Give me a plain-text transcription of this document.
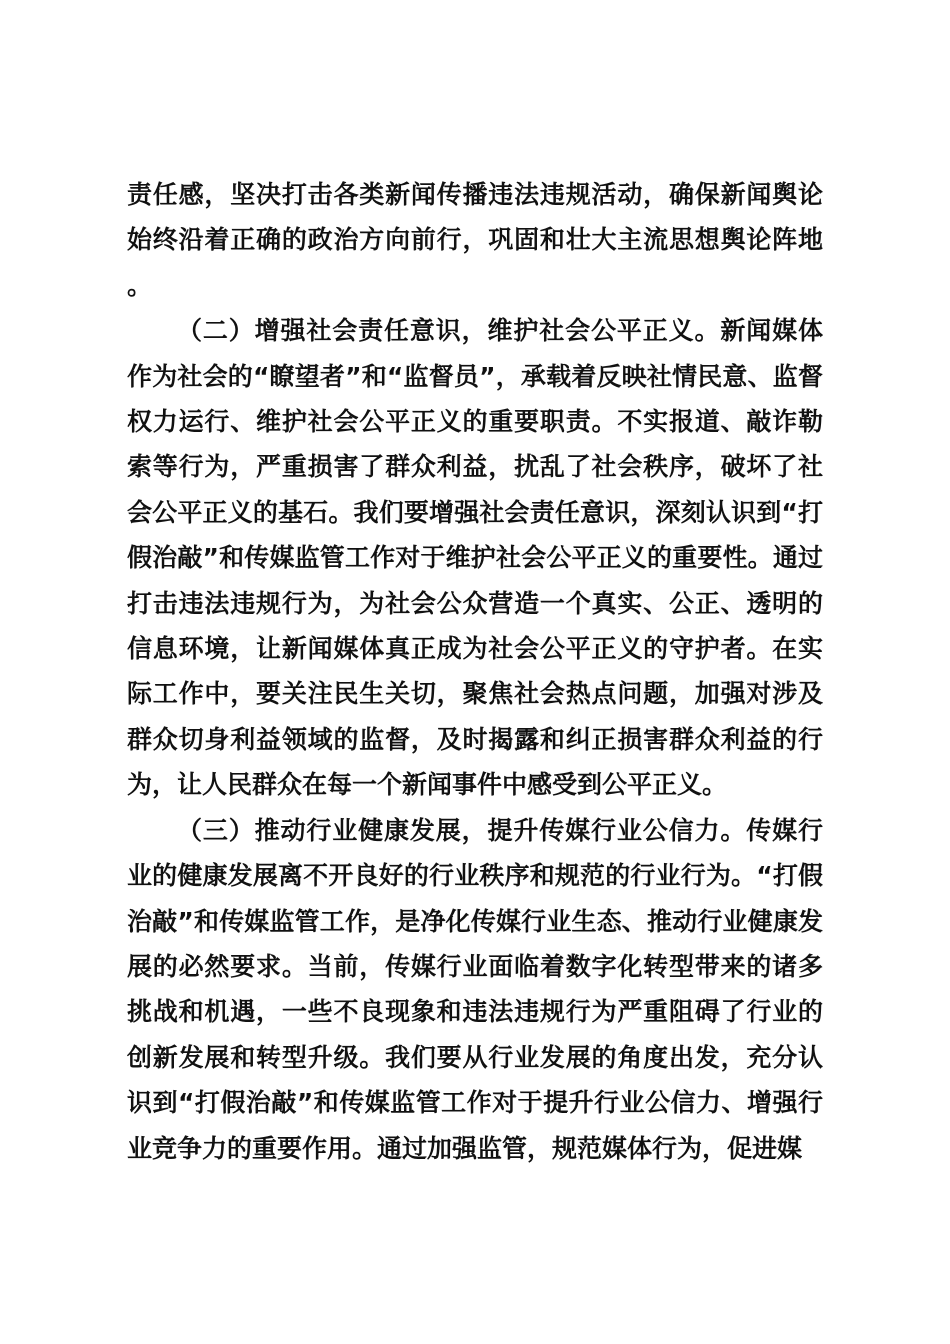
责任感，坚决打击各类新闻传播违法违规活动，确保新闻舆论始终沿着正确的政治方向前行，巩固和壮大主流思想舆论阵地。

（二）增强社会责任意识，维护社会公平正义。新闻媒体作为社会的“瞭望者”和“监督员”，承载着反映社情民意、监督权力运行、维护社会公平正义的重要职责。不实报道、敲诈勒索等行为，严重损害了群众利益，扰乱了社会秩序，破坏了社会公平正义的基石。我们要增强社会责任意识，深刻认识到“打假治敲”和传媒监管工作对于维护社会公平正义的重要性。通过打击违法违规行为，为社会公众营造一个真实、公正、透明的信息环境，让新闻媒体真正成为社会公平正义的守护者。在实际工作中，要关注民生关切，聚焦社会热点问题，加强对涉及群众切身利益领域的监督，及时揭露和纠正损害群众利益的行为，让人民群众在每一个新闻事件中感受到公平正义。

（三）推动行业健康发展，提升传媒行业公信力。传媒行业的健康发展离不开良好的行业秩序和规范的行业行为。“打假治敲”和传媒监管工作，是净化传媒行业生态、推动行业健康发展的必然要求。当前，传媒行业面临着数字化转型带来的诸多挑战和机遇，一些不良现象和违法违规行为严重阻碍了行业的创新发展和转型升级。我们要从行业发展的角度出发，充分认识到“打假治敲”和传媒监管工作对于提升行业公信力、增强行业竞争力的重要作用。通过加强监管，规范媒体行为，促进媒
